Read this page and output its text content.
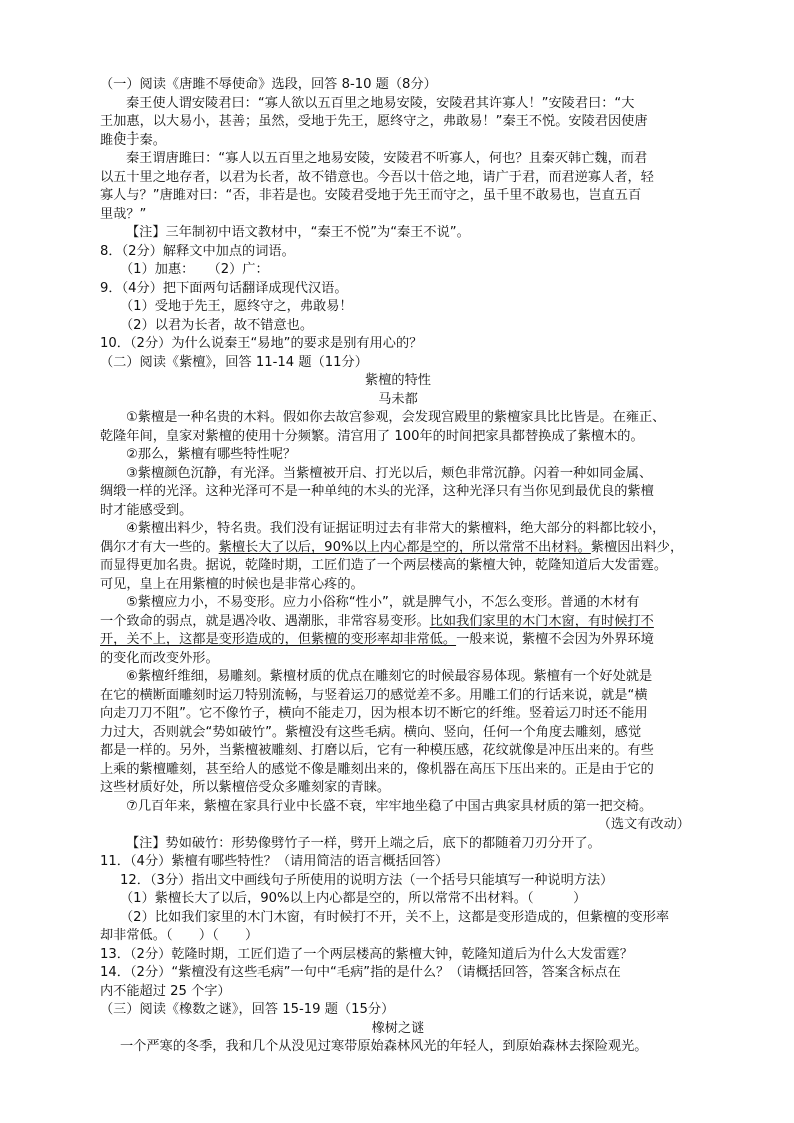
（一）阅读《唐雎不辱使命》选段，回答 8-10 题（8分）
秦王使人谓安陵君曰：“寡人欲以五百里之地易安陵，安陵君其许寡人！”安陵君曰：“大
王加惠，以大易小，甚善；虽然，受地于先王，愿终守之，弗敢易！”秦王不悦。安陵君因使唐
雎使于秦。
秦王谓唐雎曰：“寡人以五百里之地易安陵，安陵君不听寡人，何也？且秦灭韩亡魏，而君
以五十里之地存者，以君为长者，故不错意也。今吾以十倍之地，请广于君，而君逆寡人者，轻
寡人与？”唐雎对曰：“否，非若是也。安陵君受地于先王而守之，虽千里不敢易也，岂直五百
里哉？”
【注】三年制初中语文教材中，“秦王不悦”为“秦王不说”。
8．（2分）解释文中加点的词语。
（1）加惠：　　（2）广：
9．（4分）把下面两句话翻译成现代汉语。
（1）受地于先王，愿终守之，弗敢易！
（2）以君为长者，故不错意也。
10．（2分）为什么说秦王“易地”的要求是别有用心的？
（二）阅读《紫檀》，回答 11-14 题（11分）
紫檀的特性
马未都
①紫檀是一种名贵的木料。假如你去故宫参观，会发现宫殿里的紫檀家具比比皆是。在雍正、
乾隆年间，皇家对紫檀的使用十分频繁。清宫用了 100年的时间把家具都替换成了紫檀木的。
②那么，紫檀有哪些特性呢？
③紫檀颜色沉静，有光泽。当紫檀被开启、打光以后，颊色非常沉静。闪着一种如同金属、
绸缎一样的光泽。这种光泽可不是一种单纯的木头的光泽，这种光泽只有当你见到最优良的紫檀
时才能感受到。
④紫檀出料少，特名贵。我们没有证据证明过去有非常大的紫檀料，绝大部分的料都比较小，
偶尔才有大一些的。紫檀长大了以后，90%以上内心都是空的，所以常常不出材料。紫檀因出料少，
而显得更加名贵。据说，乾隆时期，工匠们造了一个两层楼高的紫檀大钟，乾隆知道后大发雷霆。
可见，皇上在用紫檀的时候也是非常心疼的。
⑤紫檀应力小，不易变形。应力小俗称“性小”，就是脾气小，不怎么变形。普通的木材有
一个致命的弱点，就是遇冷收、遇潮胀，非常容易变形。比如我们家里的木门木窗，有时候打不
开，关不上，这都是变形造成的，但紫檀的变形率却非常低。一般来说，紫檀不会因为外界环境
的变化而改变外形。
⑥紫檀纤维细，易雕刻。紫檀材质的优点在雕刻它的时候最容易体现。紫檀有一个好处就是
在它的横断面雕刻时运刀特别流畅，与竖着运刀的感觉差不多。用雕工们的行话来说，就是“横
向走刀刀不阻”。它不像竹子，横向不能走刀，因为根本切不断它的纤维。竖着运刀时还不能用
力过大，否则就会“势如破竹”。紫檀没有这些毛病。横向、竖向，任何一个角度去雕刻，感觉
都是一样的。另外，当紫檀被雕刻、打磨以后，它有一种模压感，花纹就像是冲压出来的。有些
上乘的紫檀雕刻，甚至给人的感觉不像是雕刻出来的，像机器在高压下压出来的。正是由于它的
这些材质好处，所以紫檀倍受众多雕刻家的青睐。
⑦几百年来，紫檀在家具行业中长盛不衰，牢牢地坐稳了中国古典家具材质的第一把交椅。
（选文有改动）
【注】势如破竹：形势像劈竹子一样，劈开上端之后，底下的都随着刀刃分开了。
11．（4分）紫檀有哪些特性？（请用简洁的语言概括回答）
12．（3分）指出文中画线句子所使用的说明方法（一个括号只能填写一种说明方法）
（1）紫檀长大了以后，90%以上内心都是空的，所以常常不出材料。（　　　）
（2）比如我们家里的木门木窗，有时候打不开，关不上，这都是变形造成的，但紫檀的变形率
却非常低。（　　）（　　）
13．（2分）乾隆时期，工匠们造了一个两层楼高的紫檀大钟，乾隆知道后为什么大发雷霆？
14．（2分）“紫檀没有这些毛病”一句中“毛病”指的是什么？（请概括回答，答案含标点在
内不能超过 25 个字）
（三）阅读《橡数之谜》，回答 15-19 题（15分）
橡树之谜
一个严寒的冬季，我和几个从没见过寒带原始森林风光的年轻人，到原始森林去探险观光。
